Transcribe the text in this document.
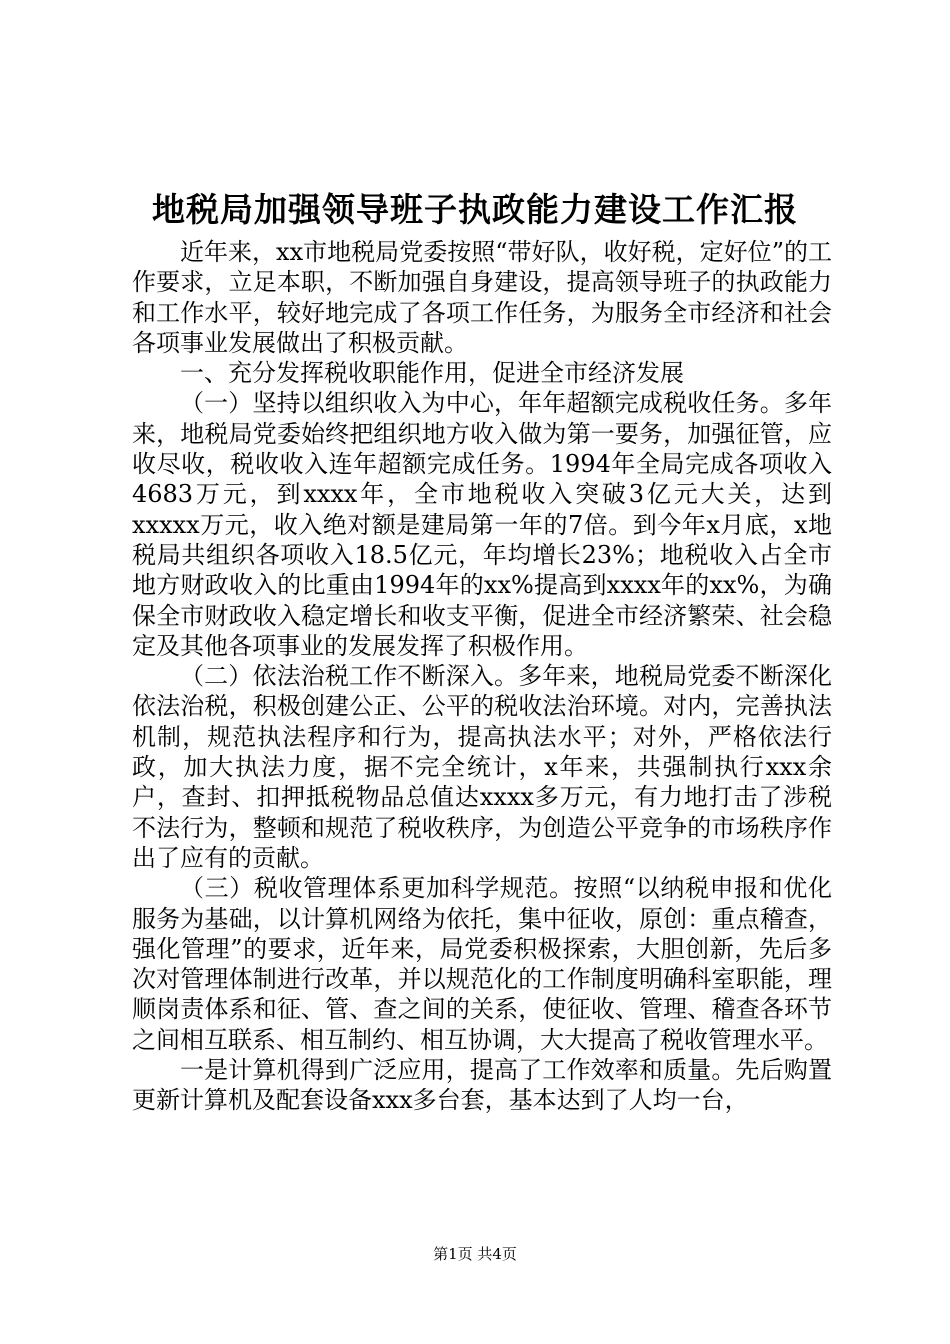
地税局加强领导班子执政能力建设工作汇报

近年来，xx市地税局党委按照“带好队，收好税，定好位”的工作要求，立足本职，不断加强自身建设，提高领导班子的执政能力和工作水平，较好地完成了各项工作任务，为服务全市经济和社会各项事业发展做出了积极贡献。

一、充分发挥税收职能作用，促进全市经济发展

（一）坚持以组织收入为中心，年年超额完成税收任务。多年来，地税局党委始终把组织地方收入做为第一要务，加强征管，应收尽收，税收收入连年超额完成任务。1994年全局完成各项收入4683万元，到xxxx年，全市地税收入突破3亿元大关，达到xxxxx万元，收入绝对额是建局第一年的7倍。到今年x月底，x地税局共组织各项收入18.5亿元，年均增长23%；地税收入占全市地方财政收入的比重由1994年的xx%提高到xxxx年的xx%，为确保全市财政收入稳定增长和收支平衡，促进全市经济繁荣、社会稳定及其他各项事业的发展发挥了积极作用。

（二）依法治税工作不断深入。多年来，地税局党委不断深化依法治税，积极创建公正、公平的税收法治环境。对内，完善执法机制，规范执法程序和行为，提高执法水平；对外，严格依法行政，加大执法力度，据不完全统计，x年来，共强制执行xxx余户，查封、扣押抵税物品总值达xxxx多万元，有力地打击了涉税不法行为，整顿和规范了税收秩序，为创造公平竞争的市场秩序作出了应有的贡献。

（三）税收管理体系更加科学规范。按照“以纳税申报和优化服务为基础，以计算机网络为依托，集中征收，原创：重点稽查，强化管理”的要求，近年来，局党委积极探索，大胆创新，先后多次对管理体制进行改革，并以规范化的工作制度明确科室职能，理顺岗责体系和征、管、查之间的关系，使征收、管理、稽查各环节之间相互联系、相互制约、相互协调，大大提高了税收管理水平。

一是计算机得到广泛应用，提高了工作效率和质量。先后购置更新计算机及配套设备xxx多台套，基本达到了人均一台，

第1页 共4页
